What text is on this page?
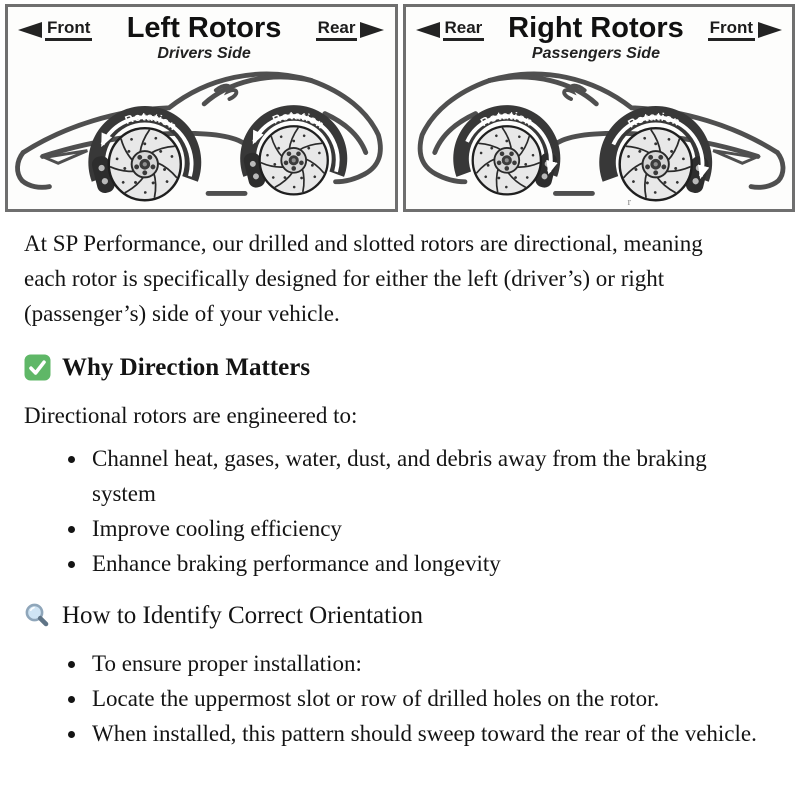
Front Left Rotors
Drivers Side
Rear
Rotation	Rotation
Rear Right Rotors
Passengers Side
Front
Rotation
Rotation
r

At SP Performance, our drilled and slotted rotors are directional, meaning each rotor is specifically designed for either the left (driver’s) or right (passenger’s) side of your vehicle.

Why Direction Matters

Directional rotors are engineered to:

• Channel heat, gases, water, dust, and debris away from the braking system
• Improve cooling efficiency
• Enhance braking performance and longevity
How to Identify Correct Orientation
• To ensure proper installation:
• Locate the uppermost slot or row of drilled holes on the rotor.
• When installed, this pattern should sweep toward the rear of the vehicle.
